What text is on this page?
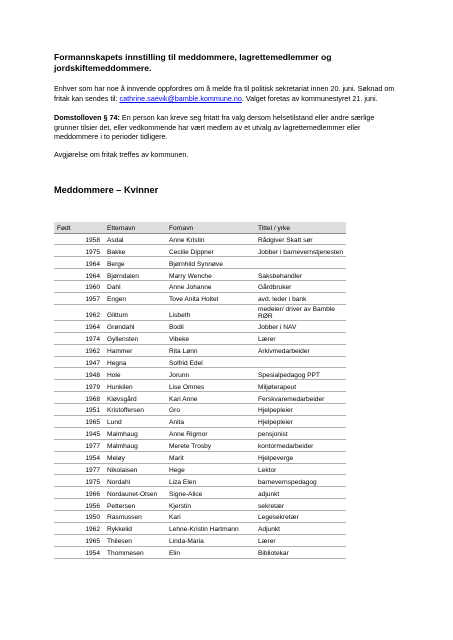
Formannskapets innstilling til meddommere, lagrettemedlemmer og jordskiftemeddommere.

Enhver som har noe å innvende oppfordres om å melde fra til politisk sekretariat innen 20. juni. Søknad om fritak kan sendes til: cathrine.saevik@bamble.kommune.no. Valget foretas av kommunestyret 21. juni.

Domstolloven § 74: En person kan kreve seg fritatt fra valg dersom helsetilstand eller andre særlige grunner tilsier det, eller vedkommende har vært medlem av et utvalg av lagrettemedlemmer eller meddommere i to perioder tidligere.

Avgjørelse om fritak treffes av kommunen.

Meddommere – Kvinner
Født	Etternavn	Fornavn	Tittel / yrke
1958	Asdal	Anne Kristin	Rådgiver Skatt sør
1975	Bakke	Cecilie Dippner	Jobber i barnevernstjenesten
1964	Berge	Bjørnhild Synnøve	
1964	Bjørndalen	Marry Wenche	Saksbehandler
1960	Dahl	Anne Johanne	Gårdbruker
1957	Engen	Tove Anita Holtet	avd. leder i bank
1962	Glittum	Lisbeth	medeier/ driver av Bamble RØR
1964	Grøndahl	Bodil	Jobber i NAV
1974	Gyllensten	Vibeke	Lærer
1962	Hammer	Rita Lønn	Arkivmedarbeider
1947	Hegna	Solfrid Edel	
1948	Hole	Jorunn	Spesialpedagog PPT
1979	Hunkilen	Lise Omnes	Miljøterapeut
1968	Kløvsgård	Kari Anne	Ferskvaremedarbeider
1951	Kristoffersen	Gro	Hjelpepleier
1965	Lund	Anita	Hjelpepleier
1945	Malmhaug	Anne Rigmor	pensjonist
1977	Malmhaug	Merete Trosby	kontormedarbeider
1954	Meløy	Marit	Hjelpeverge
1977	Nikolaisen	Hege	Lektor
1975	Nordahl	Liza Elen	barnevernspedagog
1966	Nordaunet-Olsen	Signe-Alice	adjunkt
1956	Pettersen	Kjerstin	sekretær
1950	Rasmussen	Kari	Legesekretær
1962	Rykkelid	Lehne-Kristin Hartmann	Adjunkt
1965	Thilesen	Linda-Maria	Lærer
1954	Thommesen	Elin	Bibliotekar
